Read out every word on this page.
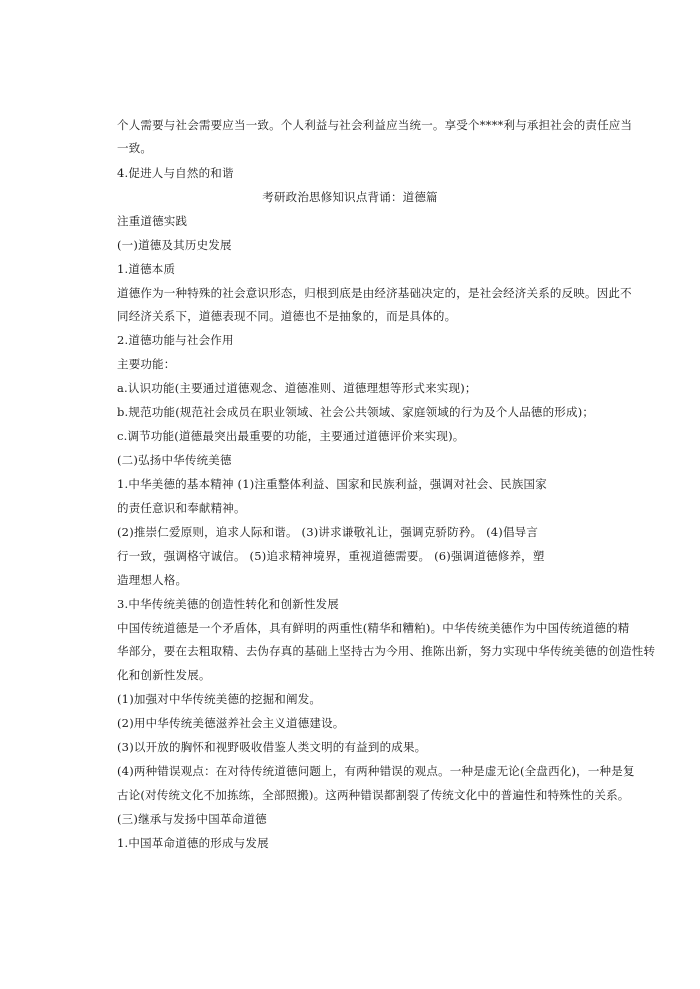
个人需要与社会需要应当一致。个人利益与社会利益应当统一。享受个****利与承担社会的责任应当
一致。
4.促进人与自然的和谐
考研政治思修知识点背诵：道德篇
注重道德实践
(一)道德及其历史发展
1.道德本质
道德作为一种特殊的社会意识形态，归根到底是由经济基础决定的，是社会经济关系的反映。因此不
同经济关系下，道德表现不同。道德也不是抽象的，而是具体的。
2.道德功能与社会作用
主要功能：
a.认识功能(主要通过道德观念、道德准则、道德理想等形式来实现)；
b.规范功能(规范社会成员在职业领域、社会公共领域、家庭领域的行为及个人品德的形成)；
c.调节功能(道德最突出最重要的功能，主要通过道德评价来实现)。
(二)弘扬中华传统美德
1.中华美德的基本精神 (1)注重整体利益、国家和民族利益，强调对社会、民族国家
的责任意识和奉献精神。
(2)推崇仁爱原则，追求人际和谐。 (3)讲求谦敬礼让，强调克骄防矜。 (4)倡导言
行一致，强调格守诚信。 (5)追求精神境界，重视道德需要。 (6)强调道德修养，塑
造理想人格。
3.中华传统美德的创造性转化和创新性发展
中国传统道德是一个矛盾体，具有鲜明的两重性(精华和糟粕)。中华传统美德作为中国传统道德的精
华部分，要在去粗取精、去伪存真的基础上坚持古为今用、推陈出新，努力实现中华传统美德的创造性转
化和创新性发展。
(1)加强对中华传统美德的挖掘和阐发。
(2)用中华传统美德滋养社会主义道德建设。
(3)以开放的胸怀和视野吸收借鉴人类文明的有益到的成果。
(4)两种错误观点：在对待传统道德问题上，有两种错误的观点。一种是虚无论(全盘西化)，一种是复
古论(对传统文化不加拣练，全部照搬)。这两种错误都割裂了传统文化中的普遍性和特殊性的关系。
(三)继承与发扬中国革命道德
1.中国革命道德的形成与发展
